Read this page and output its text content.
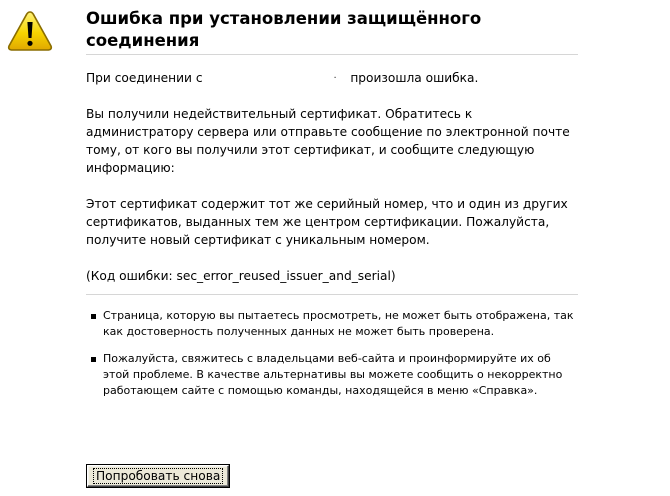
Ошибка при установлении защищённого соединения

При соединении с	· произошла ошибка.

Вы получили недействительный сертификат. Обратитесь к администратору сервера или отправьте сообщение по электронной почте тому, от кого вы получили этот сертификат, и сообщите следующую информацию:

Этот сертификат содержит тот же серийный номер, что и один из других сертификатов, выданных тем же центром сертификации. Пожалуйста, получите новый сертификат с уникальным номером.

(Код ошибки: sec_error_reused_issuer_and_serial)

Страница, которую вы пытаетесь просмотреть, не может быть отображена, так как достоверность полученных данных не может быть проверена.
Пожалуйста, свяжитесь с владельцами веб-сайта и проинформируйте их об этой проблеме. В качестве альтернативы вы можете сообщить о некорректно работающем сайте с помощью команды, находящейся в меню «Справка».
Попробовать снова
